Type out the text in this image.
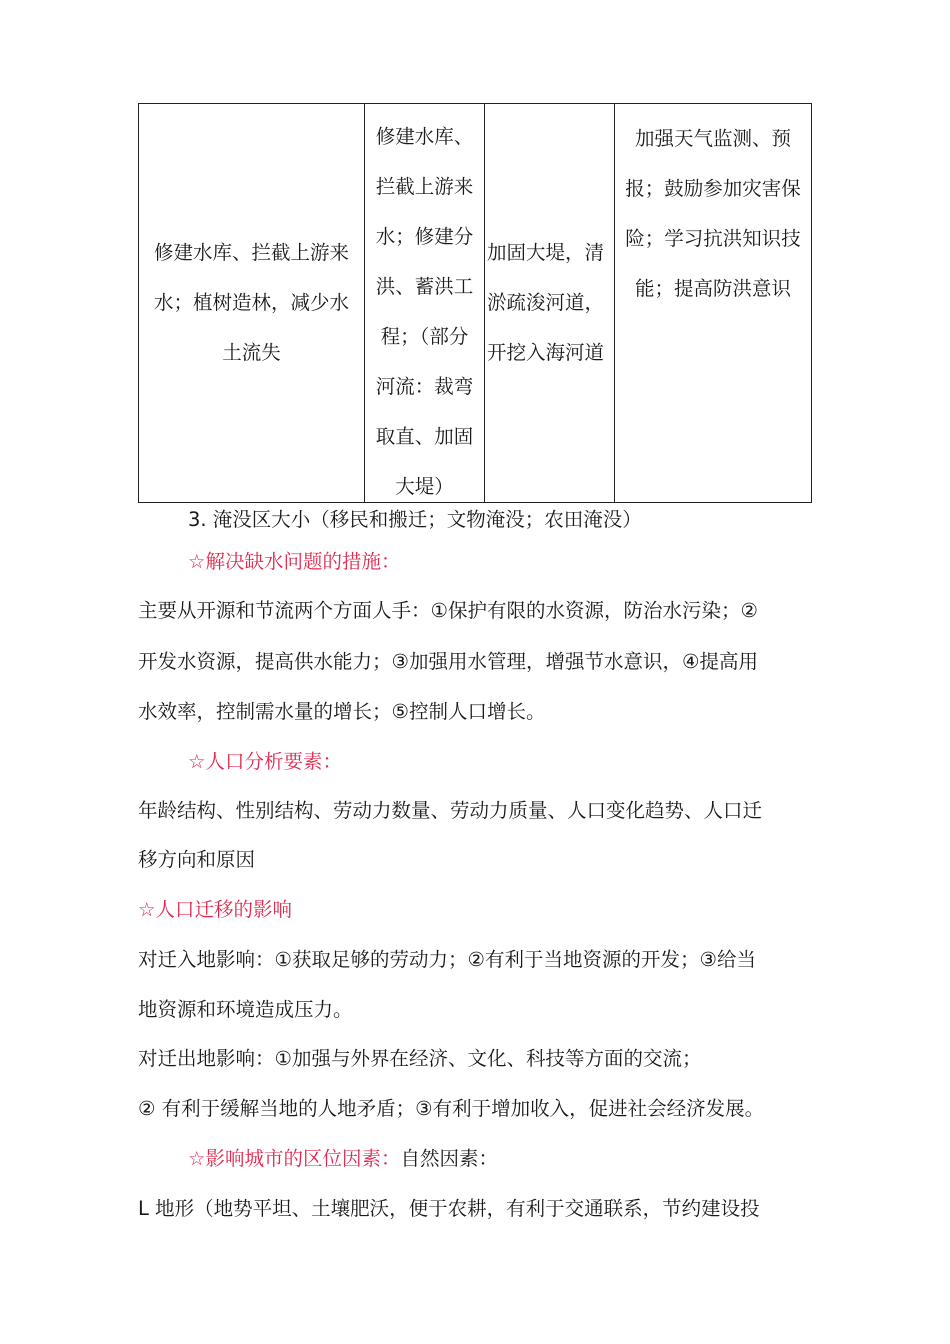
修建水库、拦截上游来水；植树造林，减少水土流失
修建水库、拦截上游来水；修建分洪、蓄洪工程；（部分河流：裁弯取直、加固大堤）
加固大堤，清淤疏浚河道，开挖入海河道
加强天气监测、预报；鼓励参加灾害保险；学习抗洪知识技能；提高防洪意识
3. 淹没区大小（移民和搬迁；文物淹没；农田淹没）
☆解决缺水问题的措施：
主要从开源和节流两个方面人手：①保护有限的水资源，防治水污染；②
开发水资源，提高供水能力；③加强用水管理，增强节水意识，④提高用
水效率，控制需水量的增长；⑤控制人口增长。
☆人口分析要素：
年龄结构、性别结构、劳动力数量、劳动力质量、人口变化趋势、人口迁
移方向和原因
☆人口迁移的影响
对迁入地影响：①获取足够的劳动力；②有利于当地资源的开发；③给当
地资源和环境造成压力。
对迁出地影响：①加强与外界在经济、文化、科技等方面的交流；
② 有利于缓解当地的人地矛盾；③有利于增加收入，促进社会经济发展。
☆影响城市的区位因素：自然因素：
L 地形（地势平坦、土壤肥沃，便于农耕，有利于交通联系，节约建设投
